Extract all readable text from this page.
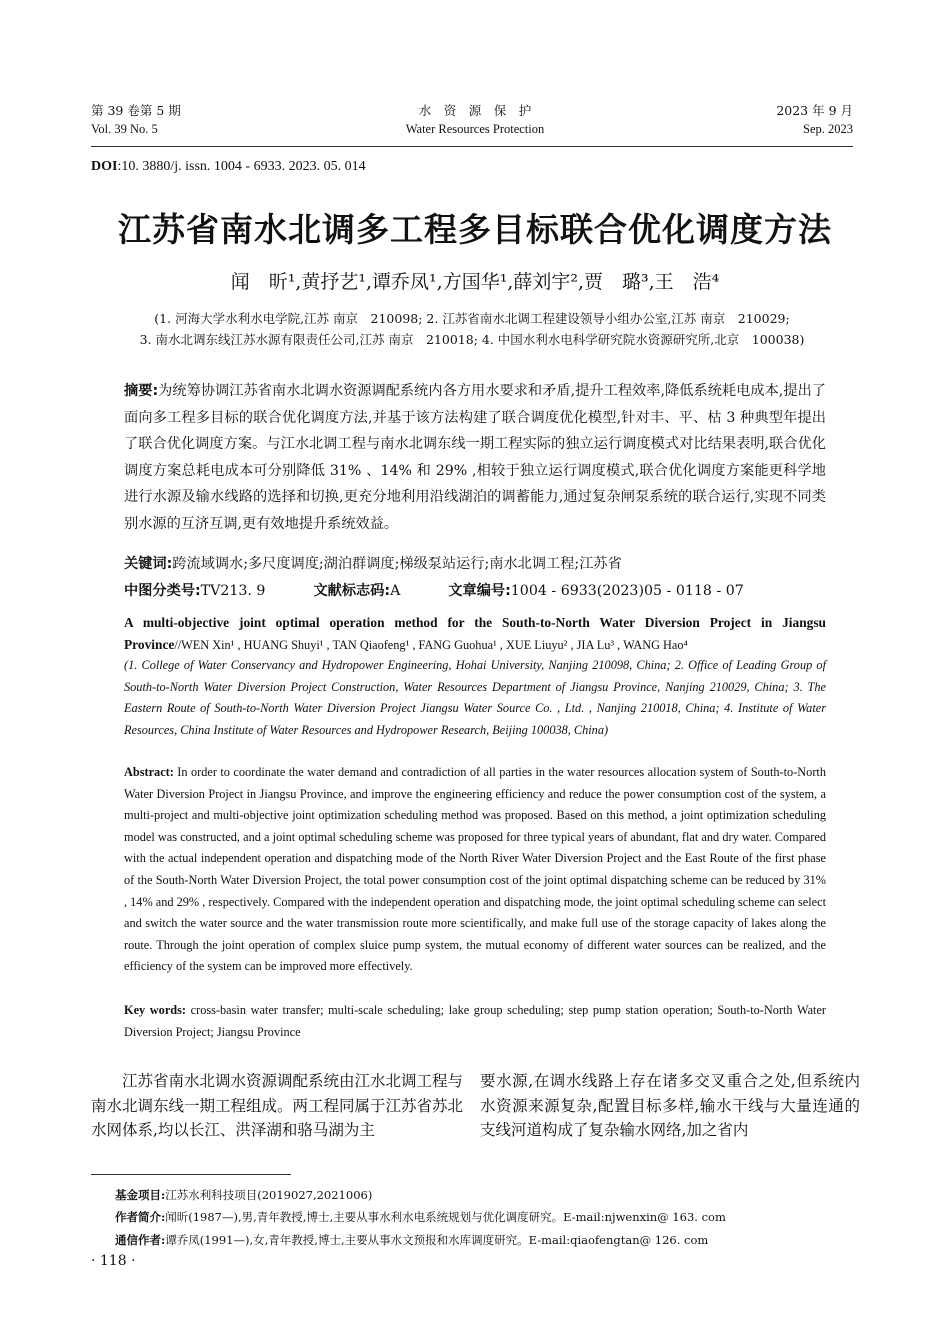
第 39 卷第 5 期
Vol. 39 No. 5
水　资　源　保　护
Water Resources Protection
2023 年 9 月
Sep. 2023
DOI:10. 3880/j. issn. 1004 - 6933. 2023. 05. 014
江苏省南水北调多工程多目标联合优化调度方法
闻　昕¹,黄抒艺¹,谭乔凤¹,方国华¹,薛刘宇²,贾　璐³,王　浩⁴
(1. 河海大学水利水电学院,江苏 南京　210098; 2. 江苏省南水北调工程建设领导小组办公室,江苏 南京　210029;
3. 南水北调东线江苏水源有限责任公司,江苏 南京　210018; 4. 中国水利水电科学研究院水资源研究所,北京　100038)
摘要:为统筹协调江苏省南水北调水资源调配系统内各方用水要求和矛盾,提升工程效率,降低系统耗电成本,提出了面向多工程多目标的联合优化调度方法,并基于该方法构建了联合调度优化模型,针对丰、平、枯 3 种典型年提出了联合优化调度方案。与江水北调工程与南水北调东线一期工程实际的独立运行调度模式对比结果表明,联合优化调度方案总耗电成本可分别降低 31% 、14% 和 29% ,相较于独立运行调度模式,联合优化调度方案能更科学地进行水源及输水线路的选择和切换,更充分地利用沿线湖泊的调蓄能力,通过复杂闸泵系统的联合运行,实现不同类别水源的互济互调,更有效地提升系统效益。
关键词:跨流域调水;多尺度调度;湖泊群调度;梯级泵站运行;南水北调工程;江苏省
中图分类号:TV213. 9	文献标志码:A	文章编号:1004 - 6933(2023)05 - 0118 - 07
A multi-objective joint optimal operation method for the South-to-North Water Diversion Project in Jiangsu Province//WEN Xin¹ , HUANG Shuyi¹ , TAN Qiaofeng¹ , FANG Guohua¹ , XUE Liuyu² , JIA Lu³ , WANG Hao⁴
(1. College of Water Conservancy and Hydropower Engineering, Hohai University, Nanjing 210098, China; 2. Office of Leading Group of South-to-North Water Diversion Project Construction, Water Resources Department of Jiangsu Province, Nanjing 210029, China; 3. The Eastern Route of South-to-North Water Diversion Project Jiangsu Water Source Co. , Ltd. , Nanjing 210018, China; 4. Institute of Water Resources, China Institute of Water Resources and Hydropower Research, Beijing 100038, China)
Abstract: In order to coordinate the water demand and contradiction of all parties in the water resources allocation system of South-to-North Water Diversion Project in Jiangsu Province, and improve the engineering efficiency and reduce the power consumption cost of the system, a multi-project and multi-objective joint optimization scheduling method was proposed. Based on this method, a joint optimization scheduling model was constructed, and a joint optimal scheduling scheme was proposed for three typical years of abundant, flat and dry water. Compared with the actual independent operation and dispatching mode of the North River Water Diversion Project and the East Route of the first phase of the South-North Water Diversion Project, the total power consumption cost of the joint optimal dispatching scheme can be reduced by 31% , 14% and 29% , respectively. Compared with the independent operation and dispatching mode, the joint optimal scheduling scheme can select and switch the water source and the water transmission route more scientifically, and make full use of the storage capacity of lakes along the route. Through the joint operation of complex sluice pump system, the mutual economy of different water sources can be realized, and the efficiency of the system can be improved more effectively.
Key words: cross-basin water transfer; multi-scale scheduling; lake group scheduling; step pump station operation; South-to-North Water Diversion Project; Jiangsu Province
江苏省南水北调水资源调配系统由江水北调工程与南水北调东线一期工程组成。两工程同属于江苏省苏北水网体系,均以长江、洪泽湖和骆马湖为主
要水源,在调水线路上存在诸多交叉重合之处,但系统内水资源来源复杂,配置目标多样,输水干线与大量连通的支线河道构成了复杂输水网络,加之省内
基金项目:江苏水利科技项目(2019027,2021006)
作者简介:闻昕(1987—),男,青年教授,博士,主要从事水利水电系统规划与优化调度研究。E-mail:njwenxin@ 163. com
通信作者:谭乔凤(1991—),女,青年教授,博士,主要从事水文预报和水库调度研究。E-mail:qiaofengtan@ 126. com
· 118 ·
